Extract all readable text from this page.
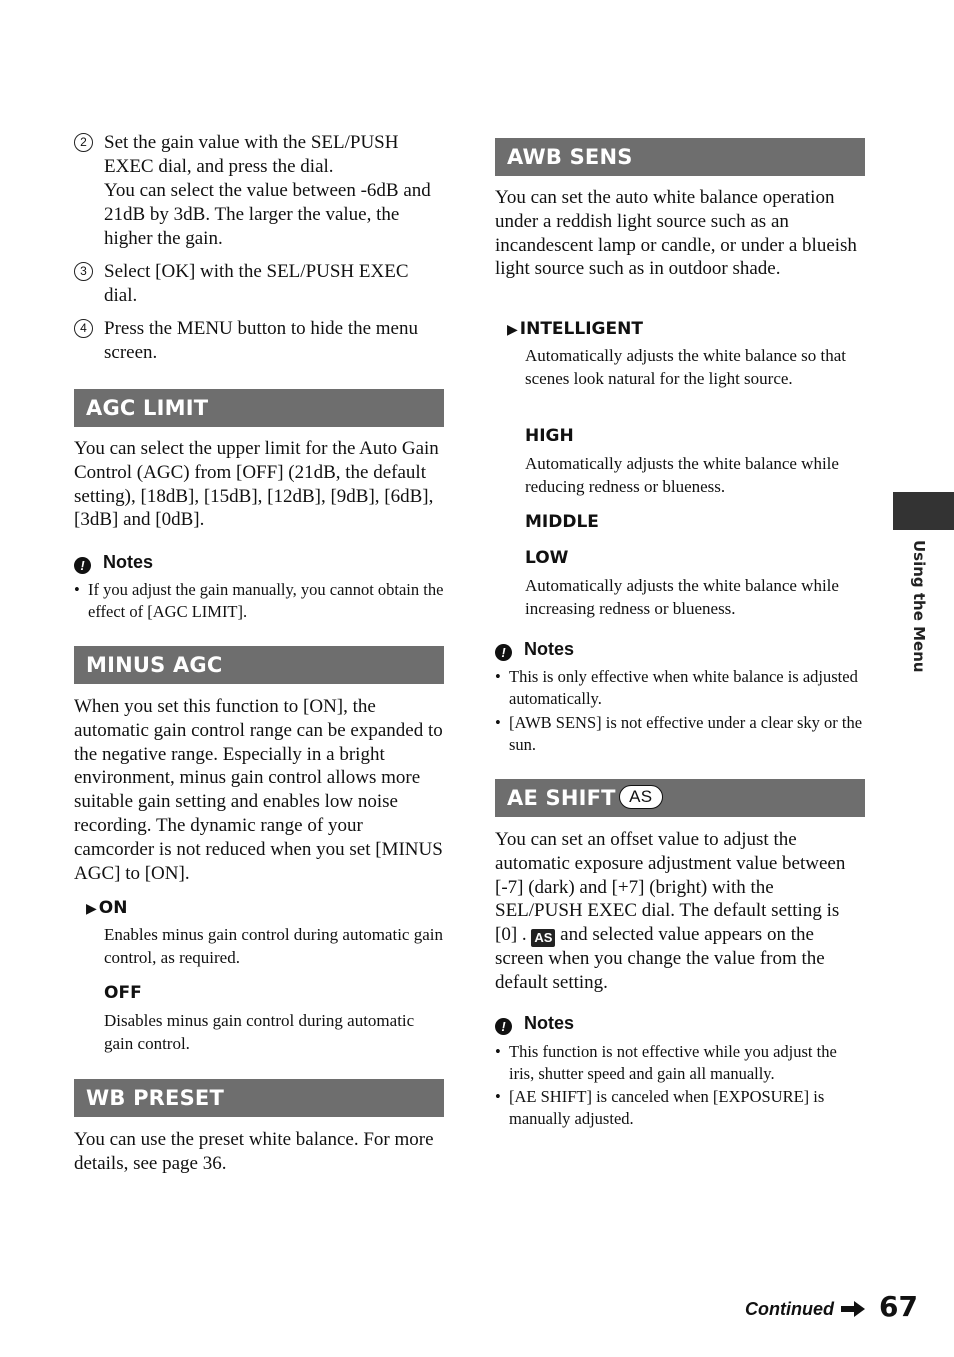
2 Set the gain value with the SEL/PUSH EXEC dial, and press the dial.
You can select the value between -6dB and 21dB by 3dB. The larger the value, the higher the gain.
3 Select [OK] with the SEL/PUSH EXEC dial.
4 Press the MENU button to hide the menu screen.
AGC LIMIT
You can select the upper limit for the Auto Gain Control (AGC) from [OFF] (21dB, the default setting), [18dB], [15dB], [12dB], [9dB], [6dB], [3dB] and [0dB].
! Notes
• If you adjust the gain manually, you cannot obtain the effect of [AGC LIMIT].
MINUS AGC
When you set this function to [ON], the automatic gain control range can be expanded to the negative range. Especially in a bright environment, minus gain control allows more suitable gain setting and enables low noise recording. The dynamic range of your camcorder is not reduced when you set [MINUS AGC] to [ON].
▶ ON
Enables minus gain control during automatic gain control, as required.
OFF
Disables minus gain control during automatic gain control.
WB PRESET
You can use the preset white balance. For more details, see page 36.
AWB SENS
You can set the auto white balance operation under a reddish light source such as an incandescent lamp or candle, or under a blueish light source such as in outdoor shade.
▶ INTELLIGENT
Automatically adjusts the white balance so that scenes look natural for the light source.
HIGH
Automatically adjusts the white balance while reducing redness or blueness.
MIDDLE
LOW
Automatically adjusts the white balance while increasing redness or blueness.
! Notes
• This is only effective when white balance is adjusted automatically.
• [AWB SENS] is not effective under a clear sky or the sun.
AE SHIFT AS
You can set an offset value to adjust the automatic exposure adjustment value between [-7] (dark) and [+7] (bright) with the SEL/PUSH EXEC dial. The default setting is [0] . AS and selected value appears on the screen when you change the value from the default setting.
! Notes
• This function is not effective while you adjust the iris, shutter speed and gain all manually.
• [AE SHIFT] is canceled when [EXPOSURE] is manually adjusted.
Using the Menu
Continued 67
